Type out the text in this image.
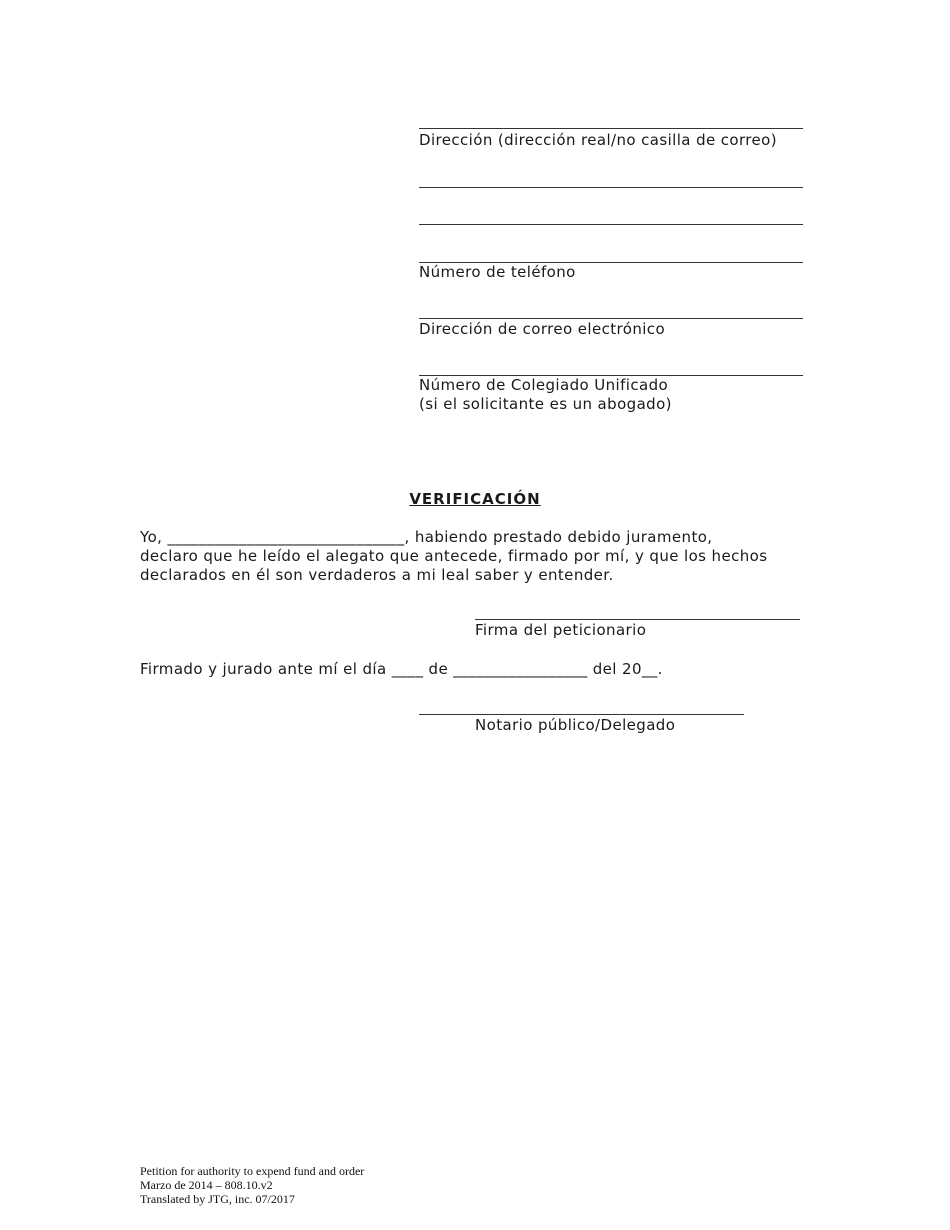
Dirección (dirección real/no casilla de correo)
Número de teléfono
Dirección de correo electrónico
Número de Colegiado Unificado
(si el solicitante es un abogado)
VERIFICACIÓN
Yo, ______________________________, habiendo prestado debido juramento,
declaro que he leído el alegato que antecede, firmado por mí, y que los hechos
declarados en él son verdaderos a mi leal saber y entender.
Firma del peticionario
Firmado y jurado ante mí el día ____ de _________________ del 20__.
Notario público/Delegado
Petition for authority to expend fund and order
Marzo de 2014 – 808.10.v2
Translated by JTG, inc. 07/2017
